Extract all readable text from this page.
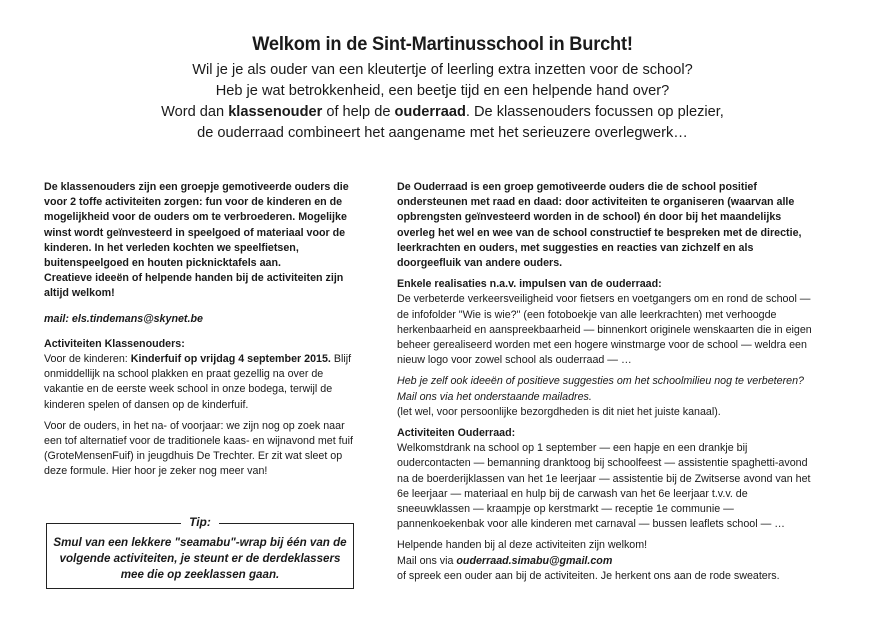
Welkom in de Sint-Martinusschool in Burcht!
Wil je je als ouder van een kleutertje of leerling extra inzetten voor de school?
Heb je wat betrokkenheid, een beetje tijd en een helpende hand over?
Word dan klassenouder of help de ouderraad. De klassenouders focussen op plezier,
de ouderraad combineert het aangename met het serieuzere overlegwerk…

De klassenouders zijn een groepje gemotiveerde ouders die voor 2 toffe activiteiten zorgen: fun voor de kinderen en de mogelijkheid voor de ouders om te verbroederen. Mogelijke winst wordt geïnvesteerd in speelgoed of materiaal voor de kinderen. In het verleden kochten we speelfietsen, buitenspeelgoed en houten picknicktafels aan.

Creatieve ideeën of helpende handen bij de activiteiten zijn altijd welkom!

mail: els.tindemans@skynet.be

Activiteiten Klassenouders:

Voor de kinderen: Kinderfuif op vrijdag 4 september 2015. Blijf onmiddellijk na school plakken en praat gezellig na over de vakantie en de eerste week school in onze bodega, terwijl de kinderen spelen of dansen op de kinderfuif.

Voor de ouders, in het na- of voorjaar: we zijn nog op zoek naar een tof alternatief voor de traditionele kaas- en wijnavond met fuif (GroteMensenFuif) in jeugdhuis De Trechter. Er zit wat sleet op deze formule. Hier hoor je zeker nog meer van!

Tip:
Smul van een lekkere "seamabu"-wrap bij één van de volgende activiteiten, je steunt er de derdeklassers mee die op zeeklassen gaan.

De Ouderraad is een groep gemotiveerde ouders die de school positief ondersteunen met raad en daad: door activiteiten te organiseren (waarvan alle opbrengsten geïnvesteerd worden in de school) én door bij het maandelijks overleg het wel en wee van de school constructief te bespreken met de directie, leerkrachten en ouders, met suggesties en reacties van zichzelf en als doorgeefluik van andere ouders.

Enkele realisaties n.a.v. impulsen van de ouderraad:

De verbeterde verkeersveiligheid voor fietsers en voetgangers om en rond de school — de infofolder "Wie is wie?" (een fotoboekje van alle leerkrachten) met verhoogde herkenbaarheid en aanspreekbaarheid — binnenkort originele wenskaarten die in eigen beheer gerealiseerd worden met een hogere winstmarge voor de school — weldra een nieuw logo voor zowel school als ouderraad — …

Heb je zelf ook ideeën of positieve suggesties om het schoolmilieu nog te verbeteren? Mail ons via het onderstaande mailadres.

(let wel, voor persoonlijke bezorgdheden is dit niet het juiste kanaal).

Activiteiten Ouderraad:

Welkomstdrank na school op 1 september — een hapje en een drankje bij oudercontacten — bemanning dranktoog bij schoolfeest — assistentie spaghetti-avond na de boerderijklassen van het 1e leerjaar — assistentie bij de Zwitserse avond van het 6e leerjaar — materiaal en hulp bij de carwash van het 6e leerjaar t.v.v. de sneeuwklassen — kraampje op kerstmarkt — receptie 1e communie — pannenkoekenbak voor alle kinderen met carnaval — bussen leaflets school — …

Helpende handen bij al deze activiteiten zijn welkom!

Mail ons via ouderraad.simabu@gmail.com

of spreek een ouder aan bij de activiteiten. Je herkent ons aan de rode sweaters.
